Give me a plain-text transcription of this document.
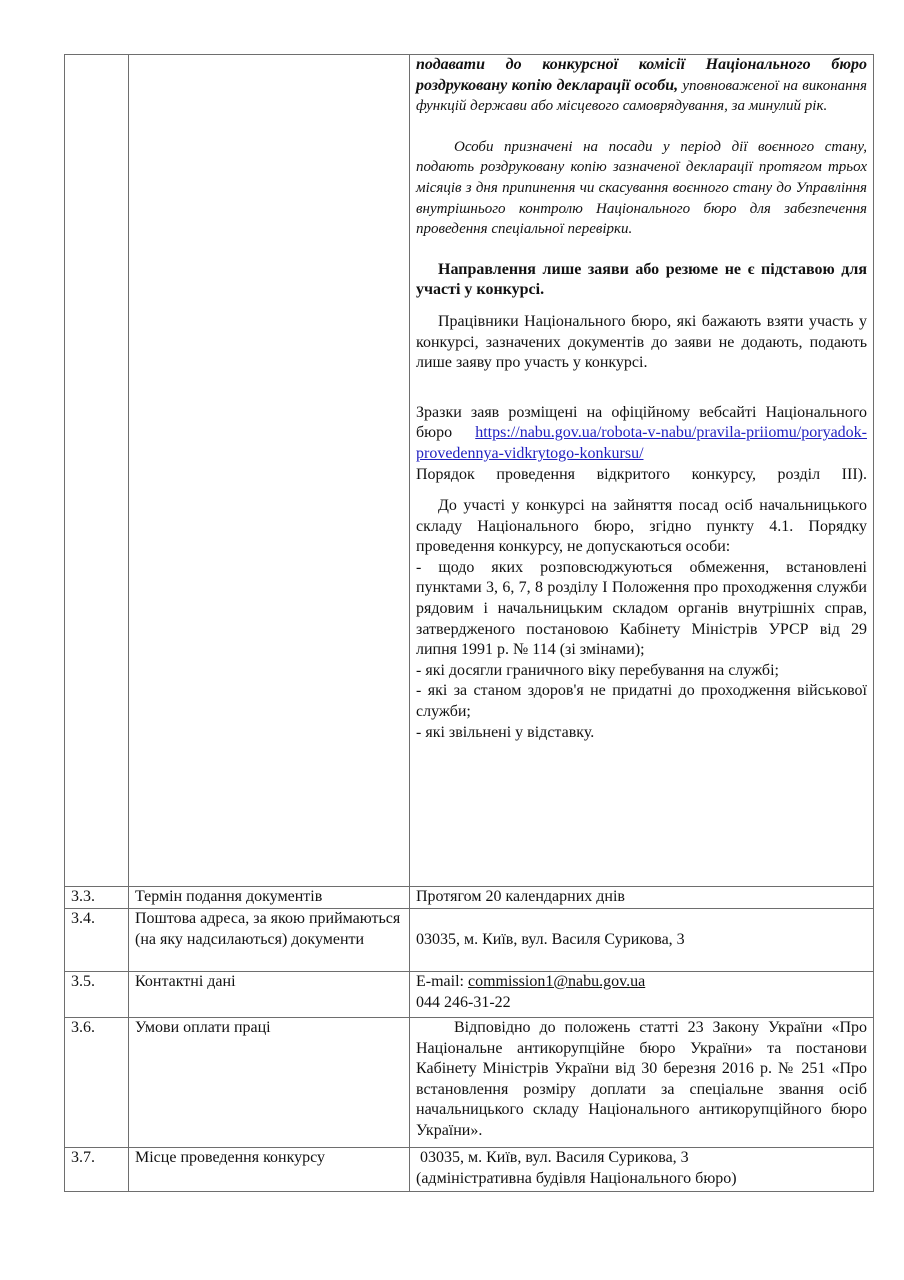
подавати до конкурсної комісії Національного бюро роздруковану копію декларації особи, уповноваженої на виконання функцій держави або місцевого самоврядування, за минулий рік.
Особи призначені на посади у період дії воєнного стану, подають роздруковану копію зазначеної декларації протягом трьох місяців з дня припинення чи скасування воєнного стану до Управління внутрішнього контролю Національного бюро для забезпечення проведення спеціальної перевірки.
Направлення лише заяви або резюме не є підставою для участі у конкурсі.
Працівники Національного бюро, які бажають взяти участь у конкурсі, зазначених документів до заяви не додають, подають лише заяву про участь у конкурсі.
Зразки заяв розміщені на офіційному вебсайті Національного бюро https://nabu.gov.ua/robota-v-nabu/pravila-priiomu/poryadok-provedennya-vidkrytogo-konkursu/
Порядок проведення відкритого конкурсу, розділ III).
До участі у конкурсі на зайняття посад осіб начальницького складу Національного бюро, згідно пункту 4.1. Порядку проведення конкурсу, не допускаються особи:
- щодо яких розповсюджуються обмеження, встановлені пунктами 3, 6, 7, 8 розділу І Положення про проходження служби рядовим і начальницьким складом органів внутрішніх справ, затвердженого постановою Кабінету Міністрів УРСР від 29 липня 1991 р. № 114 (зі змінами);
- які досягли граничного віку перебування на службі;
- які за станом здоров'я не придатні до проходження військової служби;
- які звільнені у відставку.

3.3.	Термін подання документів	Протягом 20 календарних днів
3.4.	Поштова адреса, за якою приймаються (на яку надсилаються) документи	03035, м. Київ, вул. Василя Сурикова, 3
3.5.	Контактні дані	E-mail: commission1@nabu.gov.ua
044 246-31-22

3.6.	Умови оплати праці	Відповідно до положень статті 23 Закону України «Про Національне антикорупційне бюро України» та постанови Кабінету Міністрів України від 30 березня 2016 р. № 251 «Про встановлення розміру доплати за спеціальне звання осіб начальницького складу Національного антикорупційного бюро України».
3.7.	Місце проведення конкурсу	03035, м. Київ, вул. Василя Сурикова, 3
(адміністративна будівля Національного бюро)
